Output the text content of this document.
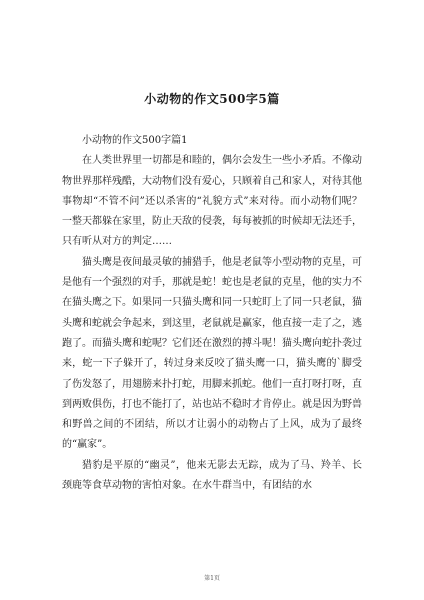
小动物的作文500字5篇

小动物的作文500字篇1

在人类世界里一切都是和睦的，偶尔会发生一些小矛盾。不像动物世界那样残酷，大动物们没有爱心，只顾着自己和家人，对待其他事物却“不管不问”还以杀害的“礼貌方式”来对待。而小动物们呢？一整天都躲在家里，防止天敌的侵袭，每每被抓的时候却无法还手，只有听从对方的判定……

猫头鹰是夜间最灵敏的捕猎手，他是老鼠等小型动物的克星，可是他有一个强烈的对手，那就是蛇！蛇也是老鼠的克星，他的实力不在猫头鹰之下。如果同一只猫头鹰和同一只蛇盯上了同一只老鼠，猫头鹰和蛇就会争起来，到这里，老鼠就是赢家，他直接一走了之，逃跑了。而猫头鹰和蛇呢？它们还在激烈的搏斗呢！猫头鹰向蛇扑袭过来，蛇一下子躲开了，转过身来反咬了猫头鹰一口，猫头鹰的`脚受了伤发怒了，用翅膀来扑打蛇，用脚来抓蛇。他们一直打呀打呀，直到两败俱伤，打也不能打了，站也站不稳时才肯停止。就是因为野兽和野兽之间的不团结，所以才让弱小的动物占了上风，成为了最终的“赢家”。

猎豹是平原的“幽灵”，他来无影去无踪，成为了马、羚羊、长颈鹿等食草动物的害怕对象。在水牛群当中，有团结的水

第1页
